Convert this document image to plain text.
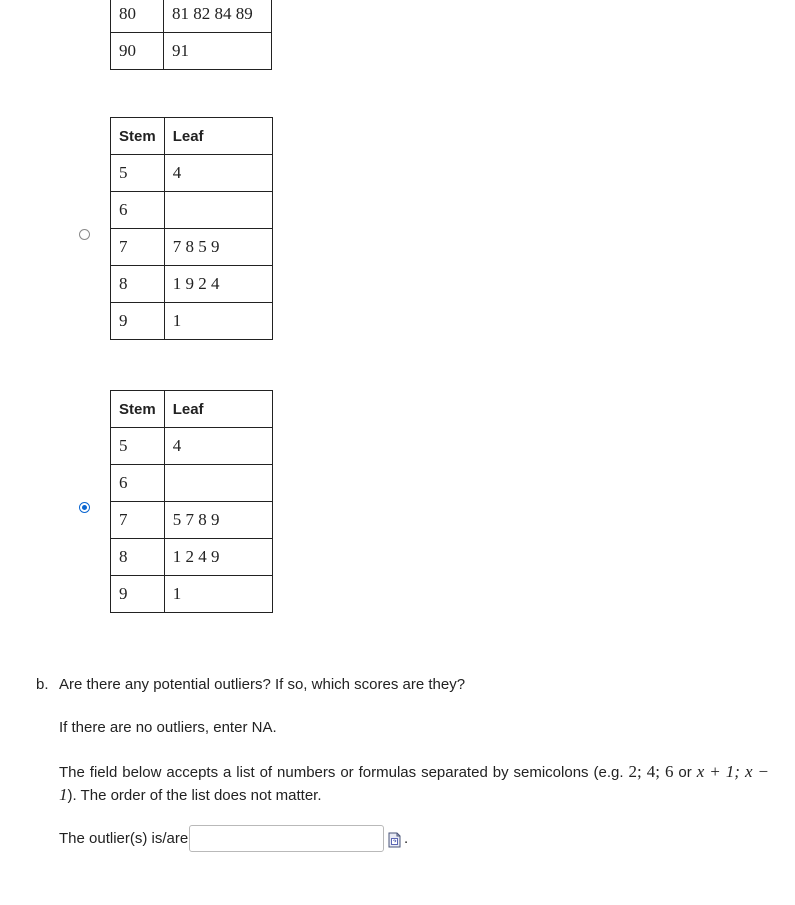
80	81 82 84 89
90	91
Stem	Leaf
5	4
6	
7	7 8 5 9
8	1 9 2 4
9	1
Stem	Leaf
5	4
6	
7	5 7 8 9
8	1 2 4 9
9	1
b. Are there any potential outliers? If so, which scores are they?
If there are no outliers, enter NA.
The field below accepts a list of numbers or formulas separated by semicolons (e.g. 2; 4; 6 or x + 1; x − 1). The order of the list does not matter.
The outlier(s) is/are	.
